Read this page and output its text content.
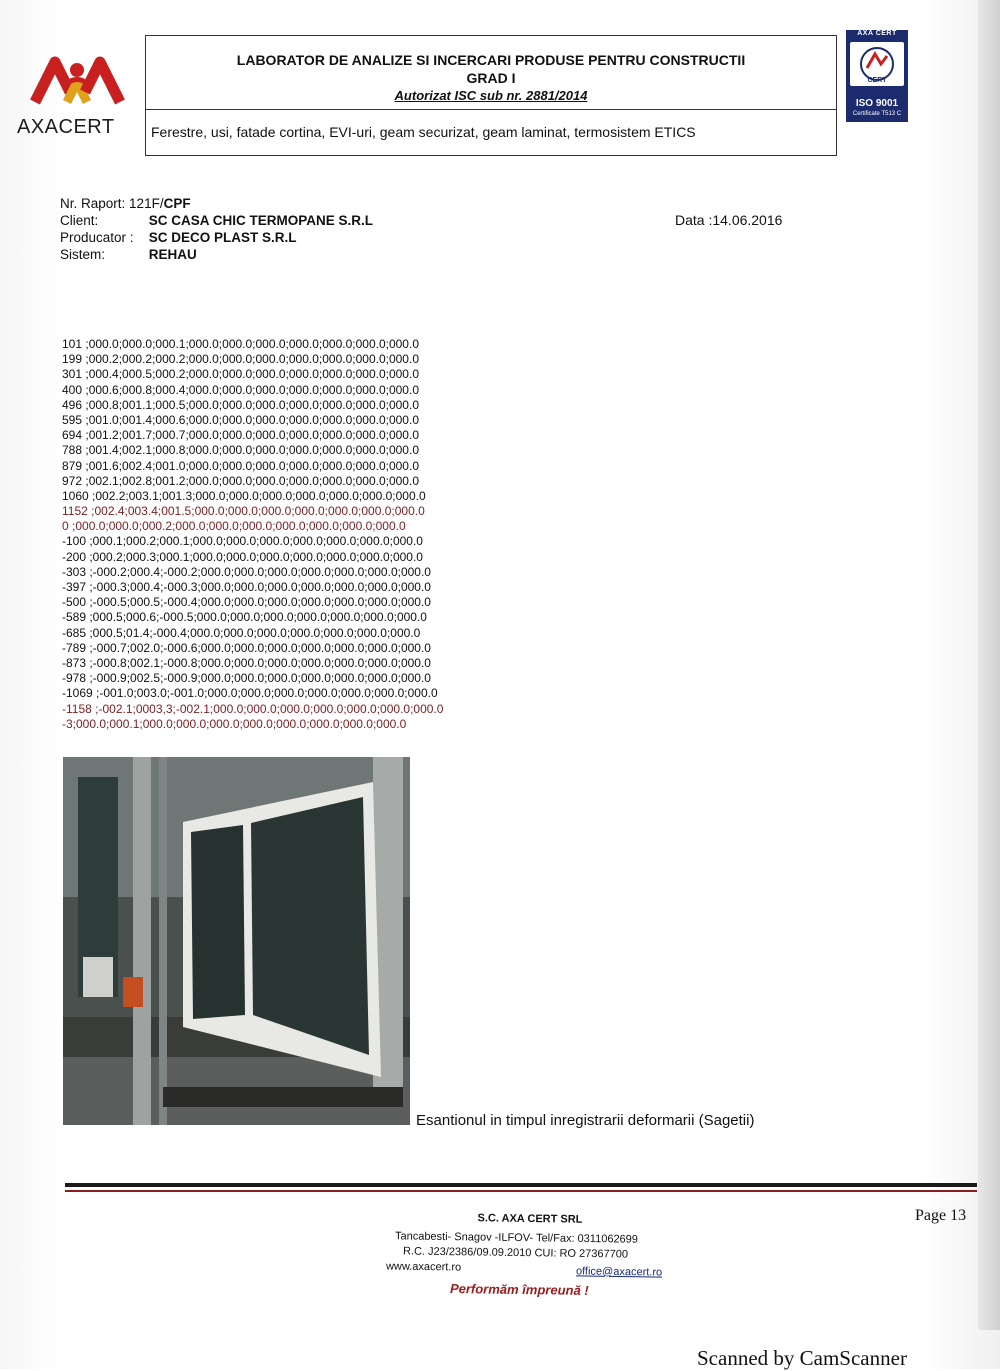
AXACERT
LABORATOR DE ANALIZE SI INCERCARI PRODUSE PENTRU CONSTRUCTII
GRAD I
Autorizat ISC sub nr. 2881/2014
Ferestre, usi, fatade cortina, EVI-uri, geam securizat, geam laminat, termosistem ETICS
AXA CERT
CERT
ISO 9001
Certificate T513 C
Nr. Raport: 121F/CPF
Client:	SC CASA CHIC TERMOPANE S.R.L
Producator : SC DECO PLAST S.R.L
Sistem:	REHAU
Data :14.06.2016
101 ;000.0;000.0;000.1;000.0;000.0;000.0;000.0;000.0;000.0;000.0
199 ;000.2;000.2;000.2;000.0;000.0;000.0;000.0;000.0;000.0;000.0
301 ;000.4;000.5;000.2;000.0;000.0;000.0;000.0;000.0;000.0;000.0
400 ;000.6;000.8;000.4;000.0;000.0;000.0;000.0;000.0;000.0;000.0
496 ;000.8;001.1;000.5;000.0;000.0;000.0;000.0;000.0;000.0;000.0
595 ;001.0;001.4;000.6;000.0;000.0;000.0;000.0;000.0;000.0;000.0
694 ;001.2;001.7;000.7;000.0;000.0;000.0;000.0;000.0;000.0;000.0
788 ;001.4;002.1;000.8;000.0;000.0;000.0;000.0;000.0;000.0;000.0
879 ;001.6;002.4;001.0;000.0;000.0;000.0;000.0;000.0;000.0;000.0
972 ;002.1;002.8;001.2;000.0;000.0;000.0;000.0;000.0;000.0;000.0
1060 ;002.2;003.1;001.3;000.0;000.0;000.0;000.0;000.0;000.0;000.0
1152 ;002.4;003.4;001.5;000.0;000.0;000.0;000.0;000.0;000.0;000.0
0 ;000.0;000.0;000.2;000.0;000.0;000.0;000.0;000.0;000.0;000.0
-100 ;000.1;000.2;000.1;000.0;000.0;000.0;000.0;000.0;000.0;000.0
-200 ;000.2;000.3;000.1;000.0;000.0;000.0;000.0;000.0;000.0;000.0
-303 ;-000.2;000.4;-000.2;000.0;000.0;000.0;000.0;000.0;000.0;000.0
-397 ;-000.3;000.4;-000.3;000.0;000.0;000.0;000.0;000.0;000.0;000.0
-500 ;-000.5;000.5;-000.4;000.0;000.0;000.0;000.0;000.0;000.0;000.0
-589 ;000.5;000.6;-000.5;000.0;000.0;000.0;000.0;000.0;000.0;000.0
-685 ;000.5;01.4;-000.4;000.0;000.0;000.0;000.0;000.0;000.0;000.0
-789 ;-000.7;002.0;-000.6;000.0;000.0;000.0;000.0;000.0;000.0;000.0
-873 ;-000.8;002.1;-000.8;000.0;000.0;000.0;000.0;000.0;000.0;000.0
-978 ;-000.9;002.5;-000.9;000.0;000.0;000.0;000.0;000.0;000.0;000.0
-1069 ;-001.0;003.0;-001.0;000.0;000.0;000.0;000.0;000.0;000.0;000.0
-1158 ;-002.1;0003,3;-002.1;000.0;000.0;000.0;000.0;000.0;000.0;000.0
-3;000.0;000.1;000.0;000.0;000.0;000.0;000.0;000.0;000.0;000.0
Esantionul in timpul inregistrarii deformarii (Sagetii)
Page 13
S.C. AXA CERT SRL
Tancabesti- Snagov -ILFOV- Tel/Fax: 0311062699
R.C. J23/2386/09.09.2010 CUI: RO 27367700
www.axacert.ro	office@axacert.ro
Performăm împreună !
Scanned by CamScanner
